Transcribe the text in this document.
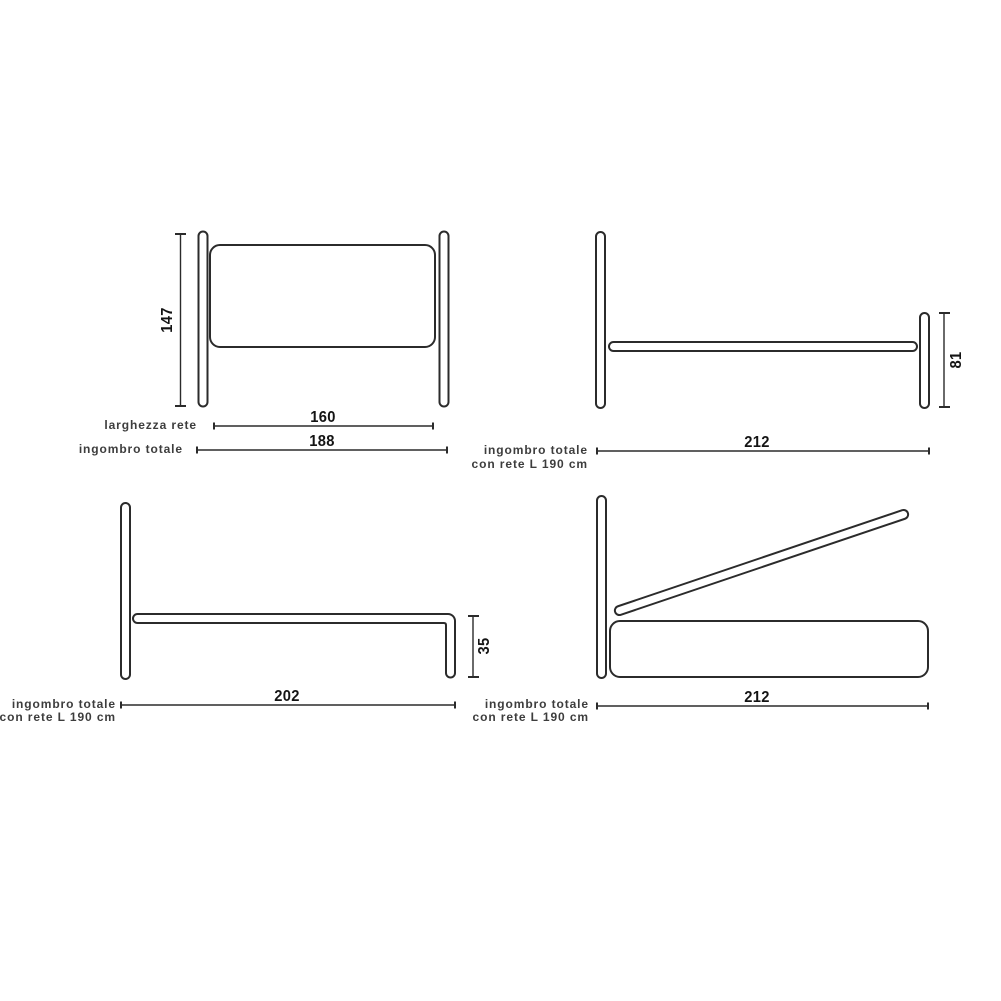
147
160
188
larghezza rete
ingombro totale
81
212
ingombro totale
con rete L 190 cm
35
202
ingombro totale
con rete L 190 cm
212
ingombro totale
con rete L 190 cm
